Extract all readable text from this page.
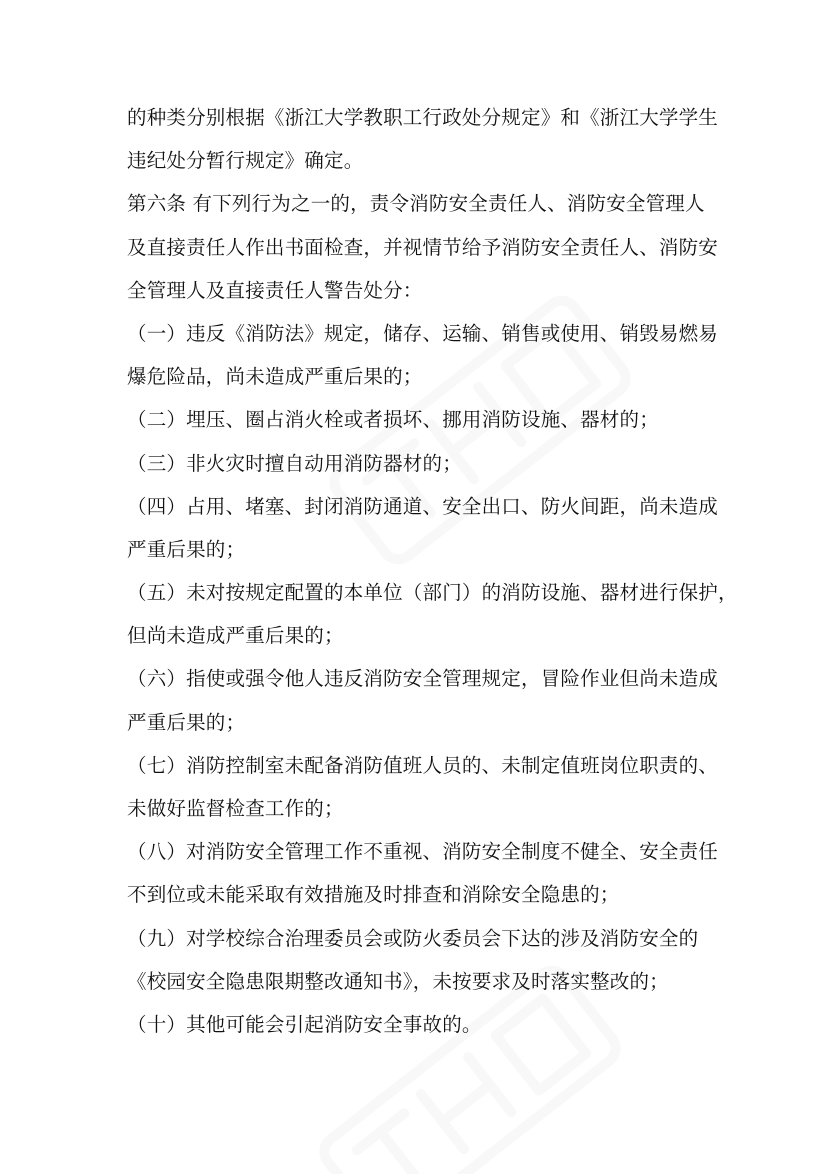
的种类分别根据《浙江大学教职工行政处分规定》和《浙江大学学生
违纪处分暂行规定》确定。
第六条 有下列行为之一的，责令消防安全责任人、消防安全管理人
及直接责任人作出书面检查，并视情节给予消防安全责任人、消防安
全管理人及直接责任人警告处分：
（一）违反《消防法》规定，储存、运输、销售或使用、销毁易燃易
爆危险品，尚未造成严重后果的；
（二）埋压、圈占消火栓或者损坏、挪用消防设施、器材的；
（三）非火灾时擅自动用消防器材的；
（四）占用、堵塞、封闭消防通道、安全出口、防火间距，尚未造成
严重后果的；
（五）未对按规定配置的本单位（部门）的消防设施、器材进行保护，
但尚未造成严重后果的；
（六）指使或强令他人违反消防安全管理规定，冒险作业但尚未造成
严重后果的；
（七）消防控制室未配备消防值班人员的、未制定值班岗位职责的、
未做好监督检查工作的；
（八）对消防安全管理工作不重视、消防安全制度不健全、安全责任
不到位或未能采取有效措施及时排查和消除安全隐患的；
（九）对学校综合治理委员会或防火委员会下达的涉及消防安全的
《校园安全隐患限期整改通知书》，未按要求及时落实整改的；
（十）其他可能会引起消防安全事故的。
